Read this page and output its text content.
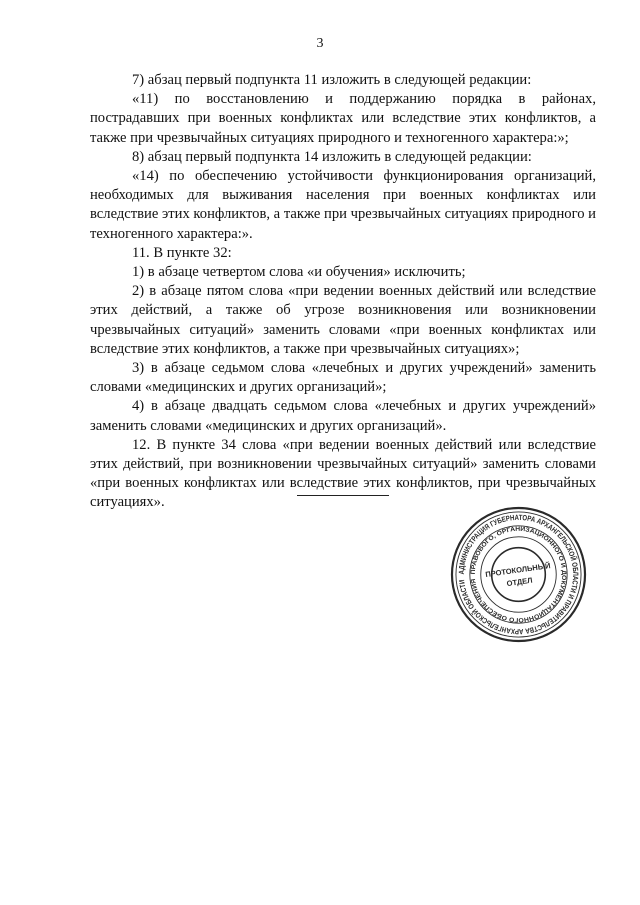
3

7) абзац первый подпункта 11 изложить в следующей редакции:

«11) по восстановлению и поддержанию порядка в районах, пострадавших при военных конфликтах или вследствие этих конфликтов, а также при чрезвычайных ситуациях природного и техногенного характера:»;

8) абзац первый подпункта 14 изложить в следующей редакции:

«14) по обеспечению устойчивости функционирования организаций, необходимых для выживания населения при военных конфликтах или вследствие этих конфликтов, а также при чрезвычайных ситуациях природного и техногенного характера:».

11. В пункте 32:

1) в абзаце четвертом слова «и обучения» исключить;

2) в абзаце пятом слова «при ведении военных действий или вследствие этих действий, а также об угрозе возникновения или возникновении чрезвычайных ситуаций» заменить словами «при военных конфликтах или вследствие этих конфликтов, а также при чрезвычайных ситуациях»;

3) в абзаце седьмом слова «лечебных и других учреждений» заменить словами «медицинских и других организаций»;

4) в абзаце двадцать седьмом слова «лечебных и других учреждений» заменить словами «медицинских и других организаций».

12. В пункте 34 слова «при ведении военных действий или вследствие этих действий, при возникновении чрезвычайных ситуаций» заменить словами «при военных конфликтах или вследствие этих конфликтов, при чрезвычайных ситуациях».

АДМИНИСТРАЦИЯ ГУБЕРНАТОРА АРХАНГЕЛЬСКОЙ ОБЛАСТИ И ПРАВИТЕЛЬСТВА АРХАНГЕЛЬСКОЙ ОБЛАСТИ
ПРАВОВОГО, ОРГАНИЗАЦИОННОГО И ДОКУМЕНТАЦИОННОГО ОБЕСПЕЧЕНИЯ
ПРОТОКОЛЬНЫЙ
ОТДЕЛ
